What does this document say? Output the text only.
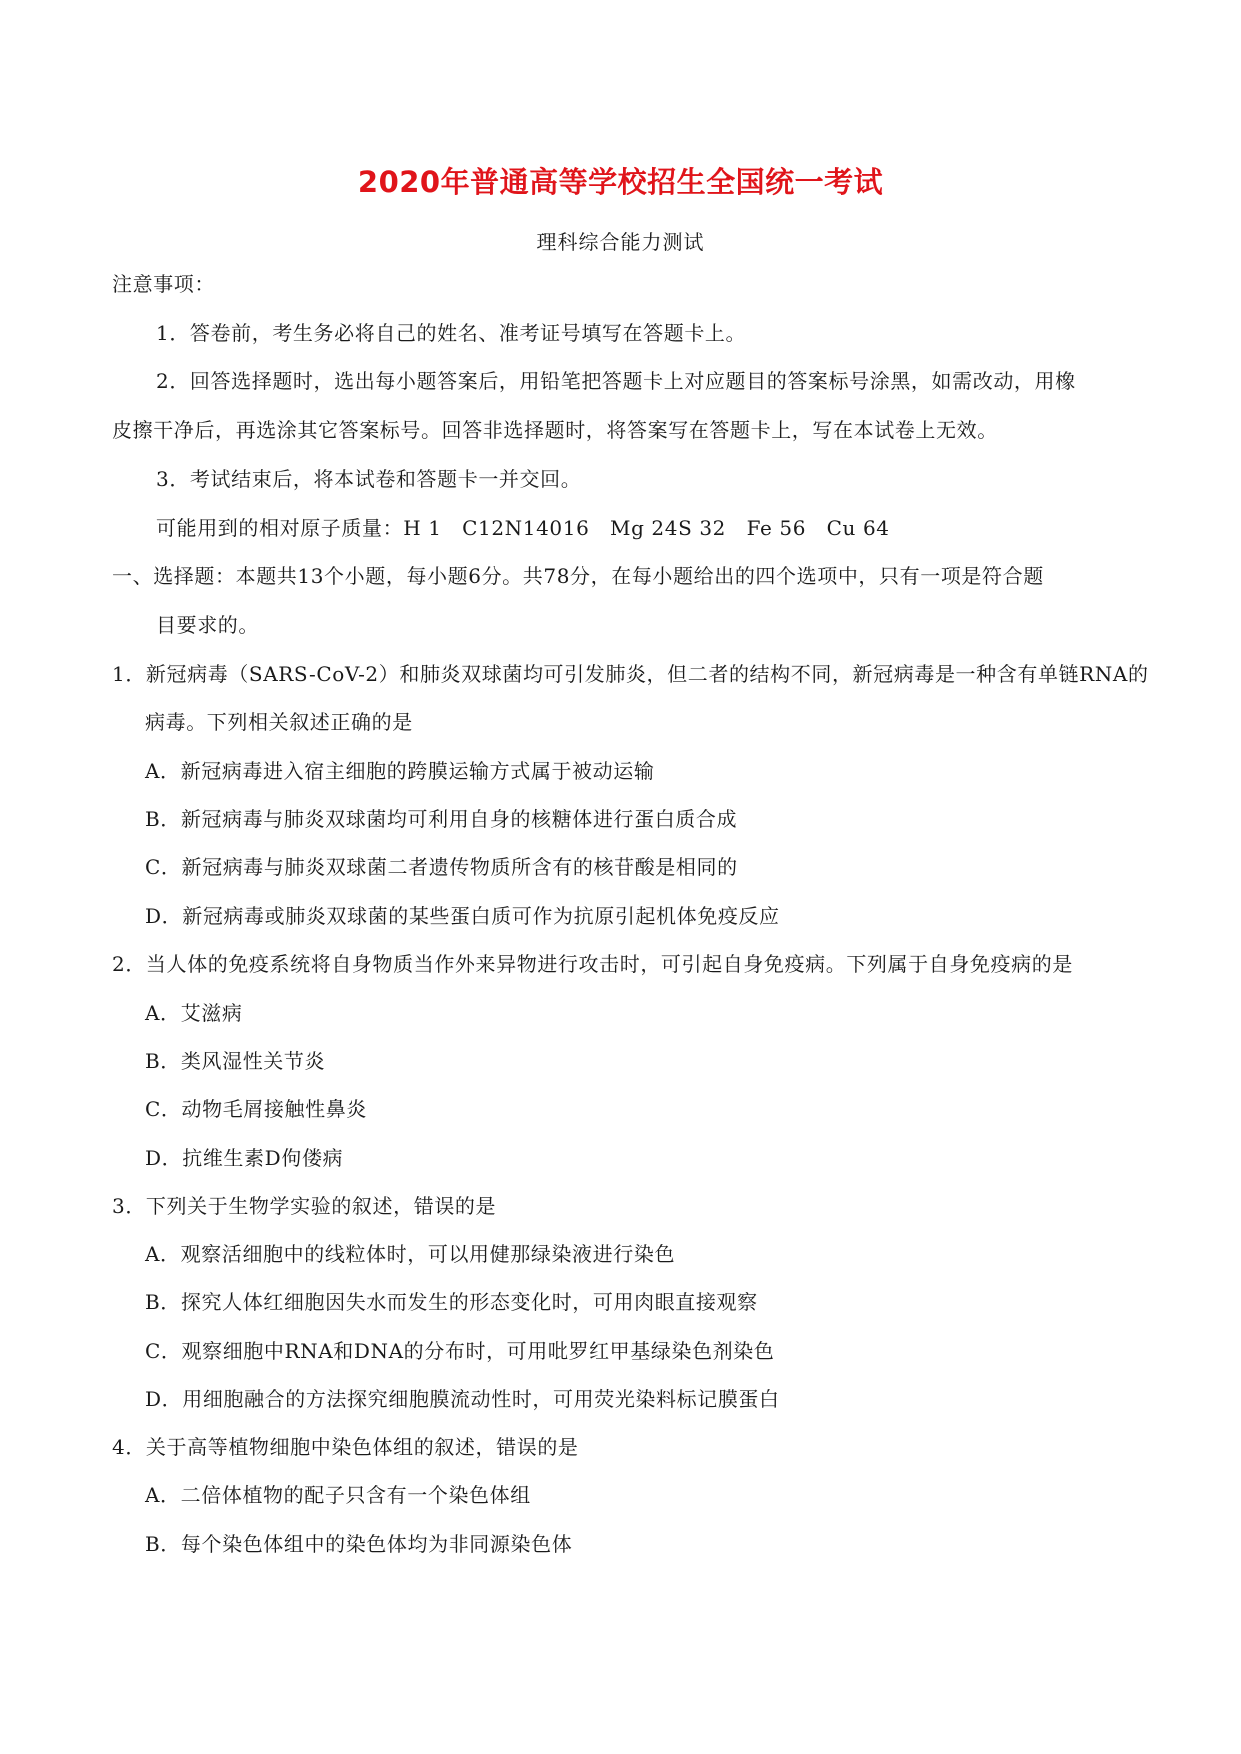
2020年普通高等学校招生全国统一考试
理科综合能力测试
注意事项：
1．答卷前，考生务必将自己的姓名、准考证号填写在答题卡上。
2．回答选择题时，选出每小题答案后，用铅笔把答题卡上对应题目的答案标号涂黑，如需改动，用橡
皮擦干净后，再选涂其它答案标号。回答非选择题时，将答案写在答题卡上，写在本试卷上无效。
3．考试结束后，将本试卷和答题卡一并交回。
可能用到的相对原子质量：H 1　C12N14016　Mg 24S 32　Fe 56　Cu 64
一、选择题：本题共13个小题，每小题6分。共78分，在每小题给出的四个选项中，只有一项是符合题
目要求的。
1．新冠病毒（SARS-CoV-2）和肺炎双球菌均可引发肺炎，但二者的结构不同，新冠病毒是一种含有单链RNA的
病毒。下列相关叙述正确的是
A．新冠病毒进入宿主细胞的跨膜运输方式属于被动运输
B．新冠病毒与肺炎双球菌均可利用自身的核糖体进行蛋白质合成
C．新冠病毒与肺炎双球菌二者遗传物质所含有的核苷酸是相同的
D．新冠病毒或肺炎双球菌的某些蛋白质可作为抗原引起机体免疫反应
2．当人体的免疫系统将自身物质当作外来异物进行攻击时，可引起自身免疫病。下列属于自身免疫病的是
A．艾滋病
B．类风湿性关节炎
C．动物毛屑接触性鼻炎
D．抗维生素D佝偻病
3．下列关于生物学实验的叙述，错误的是
A．观察活细胞中的线粒体时，可以用健那绿染液进行染色
B．探究人体红细胞因失水而发生的形态变化时，可用肉眼直接观察
C．观察细胞中RNA和DNA的分布时，可用吡罗红甲基绿染色剂染色
D．用细胞融合的方法探究细胞膜流动性时，可用荧光染料标记膜蛋白
4．关于高等植物细胞中染色体组的叙述，错误的是
A．二倍体植物的配子只含有一个染色体组
B．每个染色体组中的染色体均为非同源染色体
